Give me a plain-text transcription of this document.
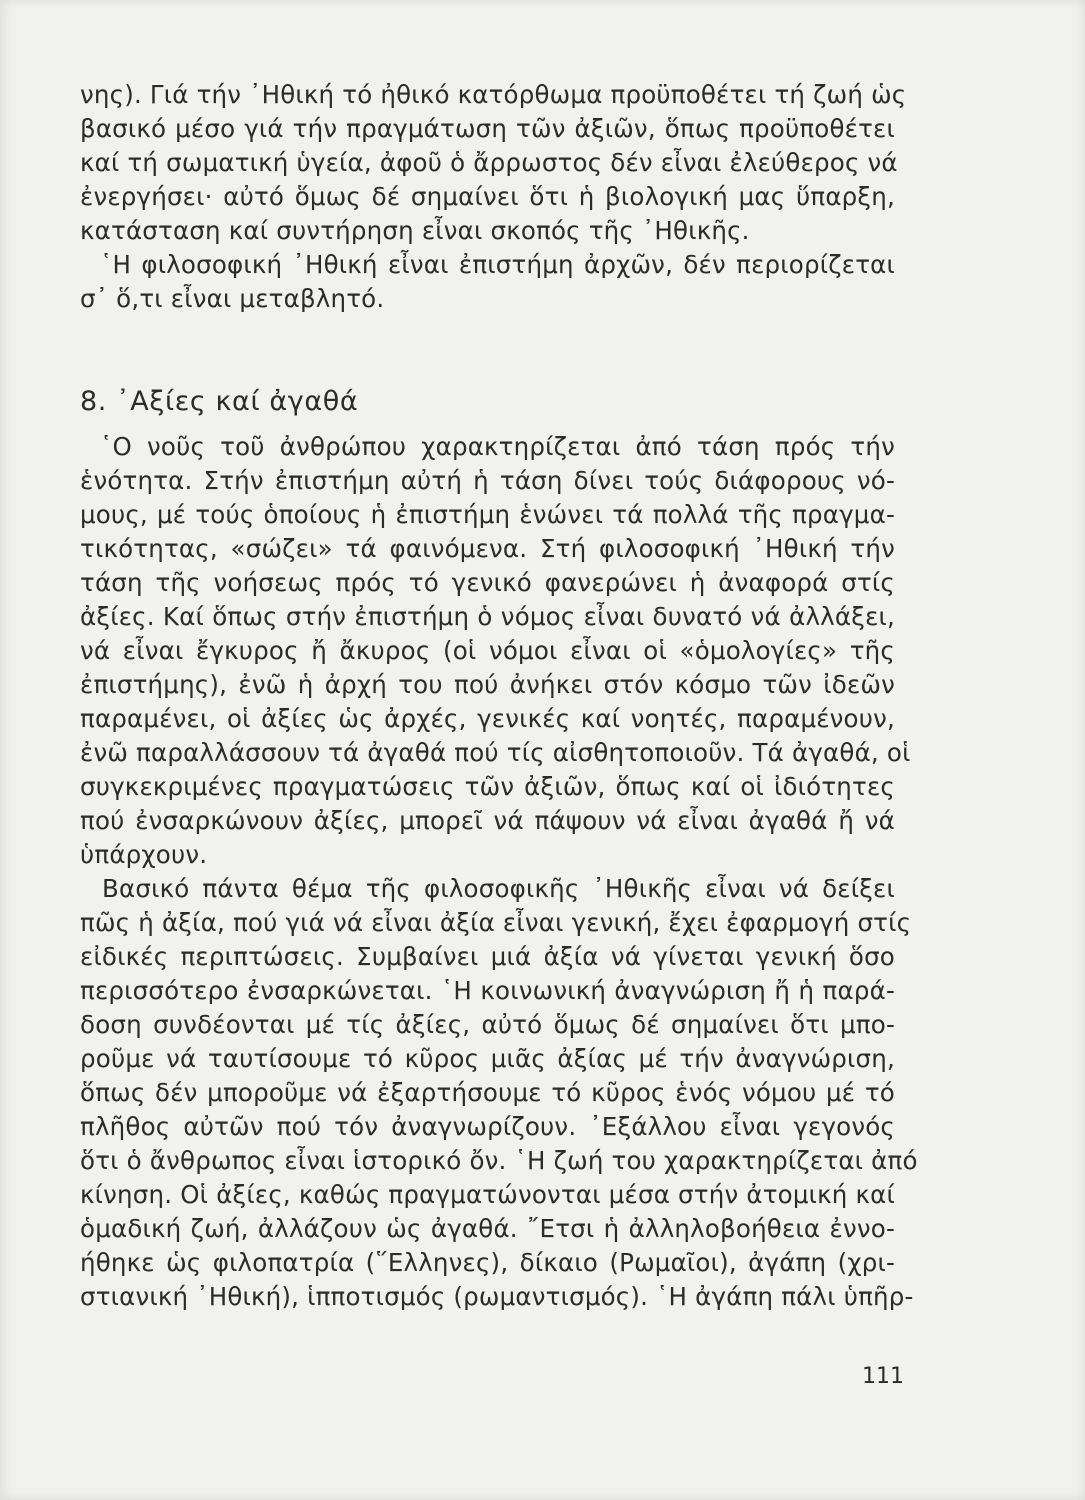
νης). Γιά τήν ᾿Ηθική τό ἠθικό κατόρθωμα προϋποθέτει τή ζωή ὡς
βασικό μέσο γιά τήν πραγμάτωση τῶν ἀξιῶν, ὅπως προϋποθέτει
καί τή σωματική ὑγεία, ἀφοῦ ὁ ἄρρωστος δέν εἶναι ἐλεύθερος νά
ἐνεργήσει· αὐτό ὅμως δέ σημαίνει ὅτι ἡ βιολογική μας ὕπαρξη,
κατάσταση καί συντήρηση εἶναι σκοπός τῆς ᾿Ηθικῆς.
῾Η φιλοσοφική ᾿Ηθική εἶναι ἐπιστήμη ἀρχῶν, δέν περιορίζεται
σ᾿ ὅ,τι εἶναι μεταβλητό.
8. ᾿Αξίες καί ἀγαθά
῾Ο νοῦς τοῦ ἀνθρώπου χαρακτηρίζεται ἀπό τάση πρός τήν
ἑνότητα. Στήν ἐπιστήμη αὐτή ἡ τάση δίνει τούς διάφορους νό-
μους, μέ τούς ὁποίους ἡ ἐπιστήμη ἑνώνει τά πολλά τῆς πραγμα-
τικότητας, «σώζει» τά φαινόμενα. Στή φιλοσοφική ᾿Ηθική τήν
τάση τῆς νοήσεως πρός τό γενικό φανερώνει ἡ ἀναφορά στίς
ἀξίες. Καί ὅπως στήν ἐπιστήμη ὁ νόμος εἶναι δυνατό νά ἀλλάξει,
νά εἶναι ἔγκυρος ἤ ἄκυρος (οἱ νόμοι εἶναι οἱ «ὁμολογίες» τῆς
ἐπιστήμης), ἐνῶ ἡ ἀρχή του πού ἀνήκει στόν κόσμο τῶν ἰδεῶν
παραμένει, οἱ ἀξίες ὡς ἀρχές, γενικές καί νοητές, παραμένουν,
ἐνῶ παραλλάσσουν τά ἀγαθά πού τίς αἰσθητοποιοῦν. Τά ἀγαθά, οἱ
συγκεκριμένες πραγματώσεις τῶν ἀξιῶν, ὅπως καί οἱ ἰδιότητες
πού ἐνσαρκώνουν ἀξίες, μπορεῖ νά πάψουν νά εἶναι ἀγαθά ἤ νά
ὑπάρχουν.
Βασικό πάντα θέμα τῆς φιλοσοφικῆς ᾿Ηθικῆς εἶναι νά δείξει
πῶς ἡ ἀξία, πού γιά νά εἶναι ἀξία εἶναι γενική, ἔχει ἐφαρμογή στίς
εἰδικές περιπτώσεις. Συμβαίνει μιά ἀξία νά γίνεται γενική ὅσο
περισσότερο ἐνσαρκώνεται. ῾Η κοινωνική ἀναγνώριση ἤ ἡ παρά-
δοση συνδέονται μέ τίς ἀξίες, αὐτό ὅμως δέ σημαίνει ὅτι μπο-
ροῦμε νά ταυτίσουμε τό κῦρος μιᾶς ἀξίας μέ τήν ἀναγνώριση,
ὅπως δέν μποροῦμε νά ἐξαρτήσουμε τό κῦρος ἑνός νόμου μέ τό
πλῆθος αὐτῶν πού τόν ἀναγνωρίζουν. ᾿Εξάλλου εἶναι γεγονός
ὅτι ὁ ἄνθρωπος εἶναι ἱστορικό ὄν. ῾Η ζωή του χαρακτηρίζεται ἀπό
κίνηση. Οἱ ἀξίες, καθώς πραγματώνονται μέσα στήν ἀτομική καί
ὁμαδική ζωή, ἀλλάζουν ὡς ἀγαθά. ῎Ετσι ἡ ἀλληλοβοήθεια ἐννο-
ήθηκε ὡς φιλοπατρία (῞Ελληνες), δίκαιο (Ρωμαῖοι), ἀγάπη (χρι-
στιανική ᾿Ηθική), ἱπποτισμός (ρωμαντισμός). ῾Η ἀγάπη πάλι ὑπῆρ-
111
